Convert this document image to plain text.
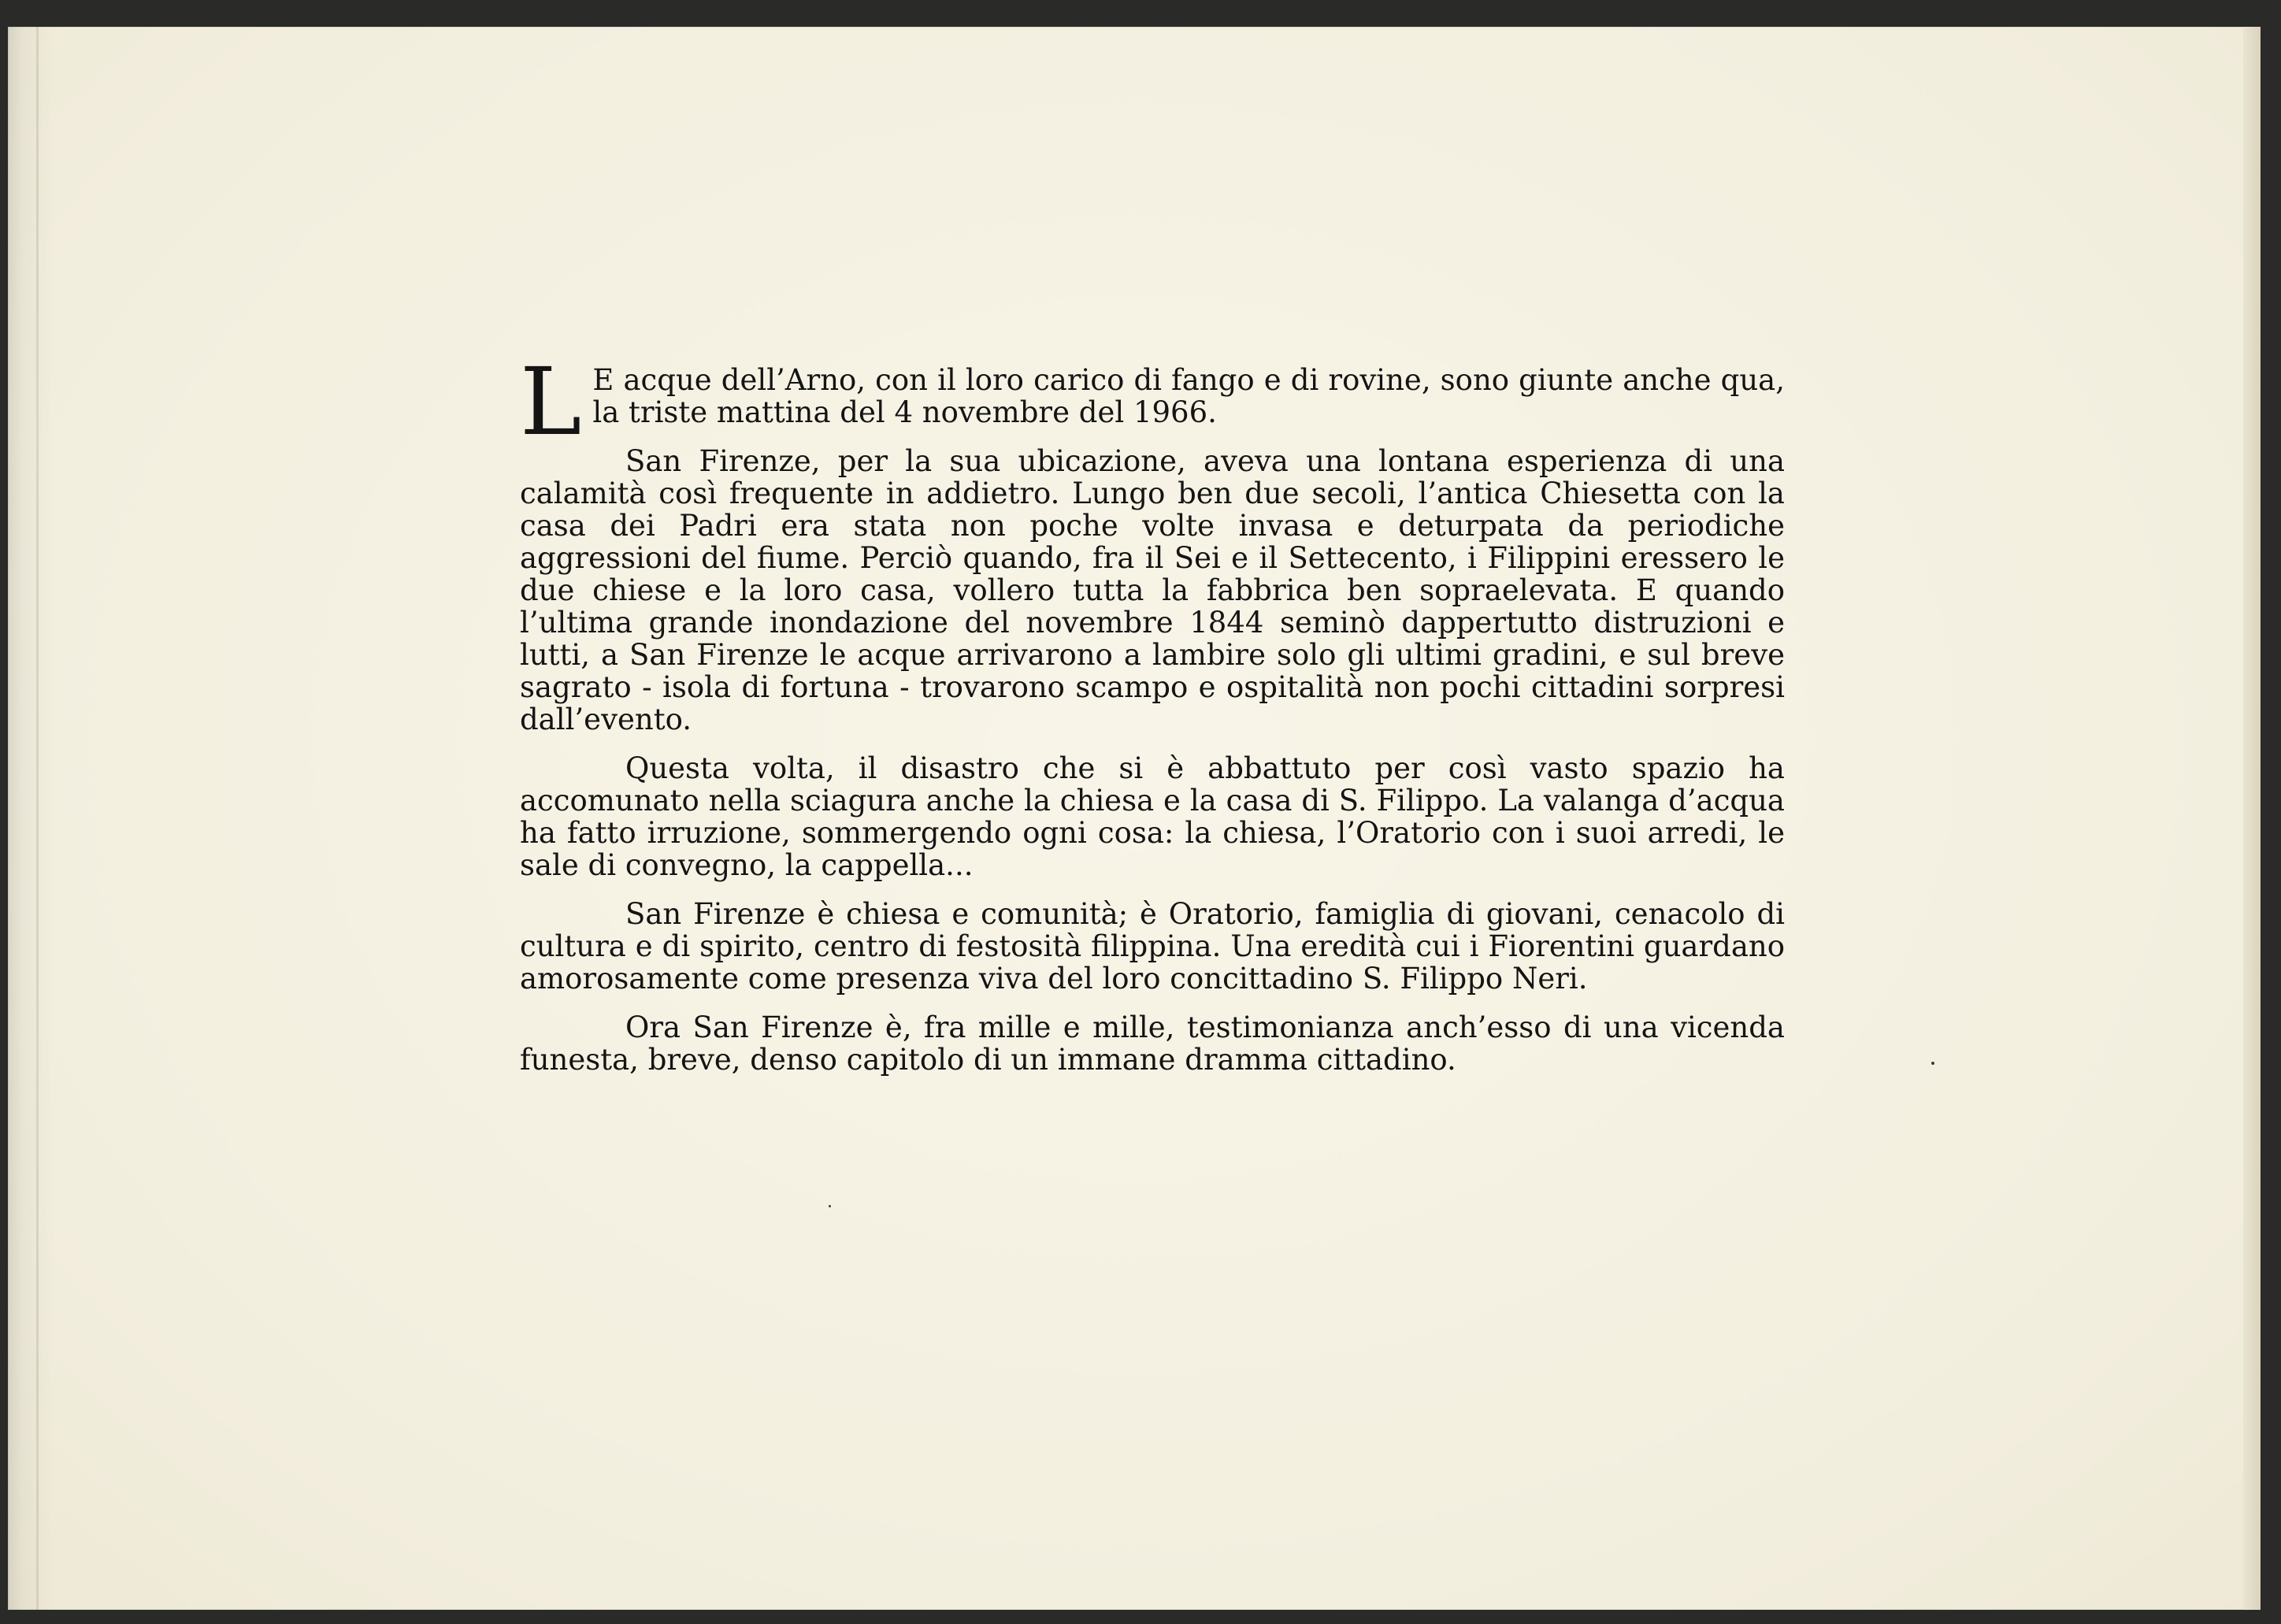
L E acque dell’Arno, con il loro carico di fango e di rovine, sono giunte anche qua, la triste mattina del 4 novembre del 1966.

San Firenze, per la sua ubicazione, aveva una lontana esperienza di una calamità così frequente in addietro. Lungo ben due secoli, l’antica Chiesetta con la casa dei Padri era stata non poche volte invasa e deturpata da periodiche aggressioni del fiume. Perciò quando, fra il Sei e il Settecento, i Filippini eressero le due chiese e la loro casa, vollero tutta la fabbrica ben sopraelevata. E quando l’ultima grande inondazione del novembre 1844 seminò dappertutto distruzioni e lutti, a San Firenze le acque arrivarono a lambire solo gli ultimi gradini, e sul breve sagrato - isola di fortuna - trovarono scampo e ospitalità non pochi cittadini sorpresi dall’evento.

Questa volta, il disastro che si è abbattuto per così vasto spazio ha accomunato nella sciagura anche la chiesa e la casa di S. Filippo. La valanga d’acqua ha fatto irruzione, sommergendo ogni cosa: la chiesa, l’Oratorio con i suoi arredi, le sale di convegno, la cappella...

San Firenze è chiesa e comunità; è Oratorio, famiglia di giovani, cenacolo di cultura e di spirito, centro di festosità filippina. Una eredità cui i Fiorentini guardano amorosamente come presenza viva del loro concittadino S. Filippo Neri.

Ora San Firenze è, fra mille e mille, testimonianza anch’esso di una vicenda funesta, breve, denso capitolo di un immane dramma cittadino.
